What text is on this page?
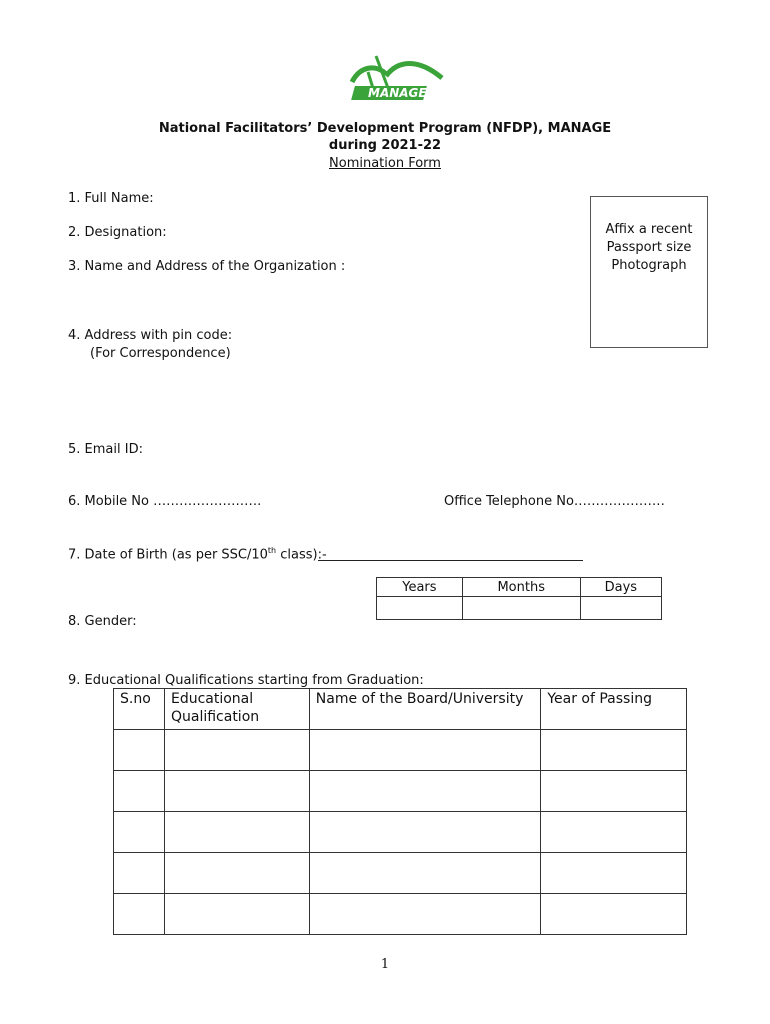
MANAGE
National Facilitators’ Development Program (NFDP), MANAGE
during 2021-22
Nomination Form
Affix a recent
Passport size
Photograph
1. Full Name:
2. Designation:
3. Name and Address of the Organization :
4. Address with pin code:
(For Correspondence)
5. Email ID:
6. Mobile No …………………….	Office Telephone No…………………
7. Date of Birth (as per SSC/10th class):-
Years	Months	Days

8. Gender:
9. Educational Qualifications starting from Graduation:
S.no	Educational Qualification	Name of the Board/University	Year of Passing

1
